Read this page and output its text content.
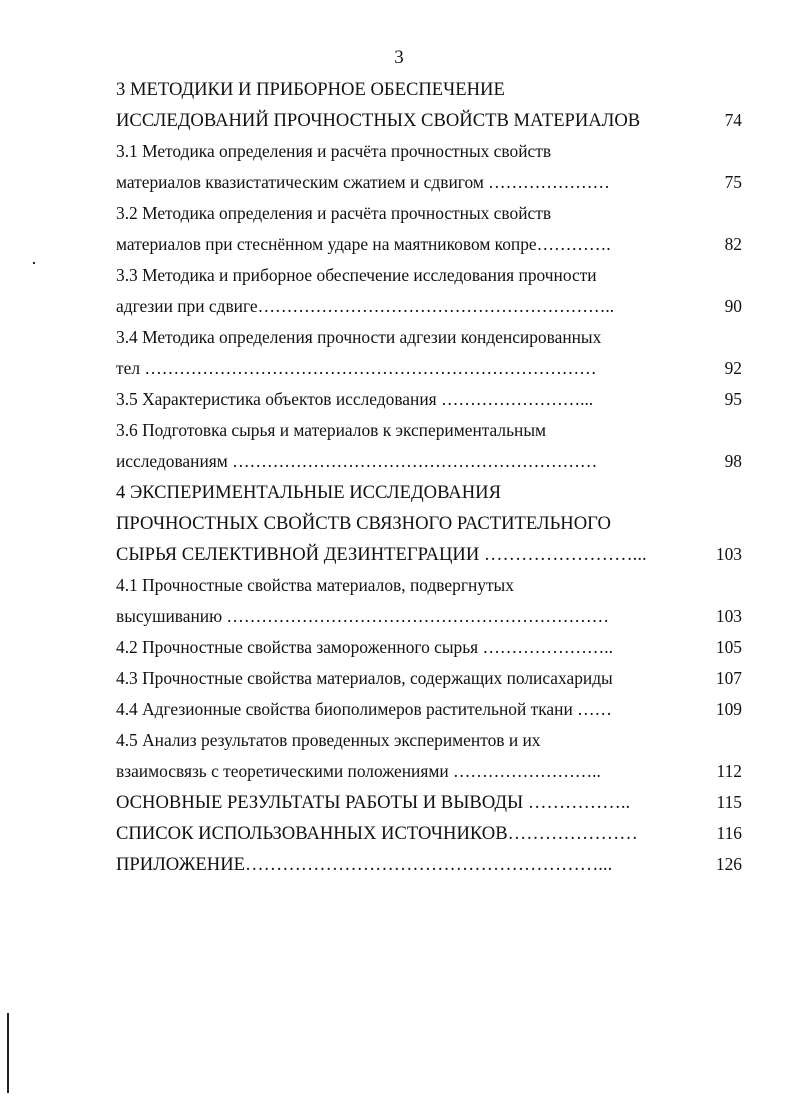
3
3 МЕТОДИКИ И ПРИБОРНОЕ ОБЕСПЕЧЕНИЕ
ИССЛЕДОВАНИЙ ПРОЧНОСТНЫХ СВОЙСТВ МАТЕРИАЛОВ	74
3.1 Методика определения и расчёта прочностных свойств
материалов квазистатическим сжатием и сдвигом …………………	75
3.2 Методика определения и расчёта прочностных свойств
материалов при стеснённом ударе на маятниковом копре………….	82
3.3 Методика и приборное обеспечение исследования прочности
адгезии при сдвиге……………………………………………………..	90
3.4 Методика определения прочности адгезии конденсированных
тел ……………………………………………………………………	92
3.5 Характеристика объектов исследования ……………………...	95
3.6 Подготовка сырья и материалов к экспериментальным
исследованиям ………………………………………………………	98
4 ЭКСПЕРИМЕНТАЛЬНЫЕ ИССЛЕДОВАНИЯ
ПРОЧНОСТНЫХ СВОЙСТВ СВЯЗНОГО РАСТИТЕЛЬНОГО
СЫРЬЯ СЕЛЕКТИВНОЙ ДЕЗИНТЕГРАЦИИ ……………………...	103
4.1 Прочностные свойства материалов, подвергнутых
высушиванию …………………………………………………………	103
4.2 Прочностные свойства замороженного сырья …………………..	105
4.3 Прочностные свойства материалов, содержащих полисахариды	107
4.4 Адгезионные свойства биополимеров растительной ткани ……	109
4.5 Анализ результатов проведенных экспериментов и их
взаимосвязь с теоретическими положениями ……………………..	112
ОСНОВНЫЕ РЕЗУЛЬТАТЫ РАБОТЫ И ВЫВОДЫ ……………..	115
СПИСОК ИСПОЛЬЗОВАННЫХ ИСТОЧНИКОВ…………………	116
ПРИЛОЖЕНИЕ…………………………………………………...	126
